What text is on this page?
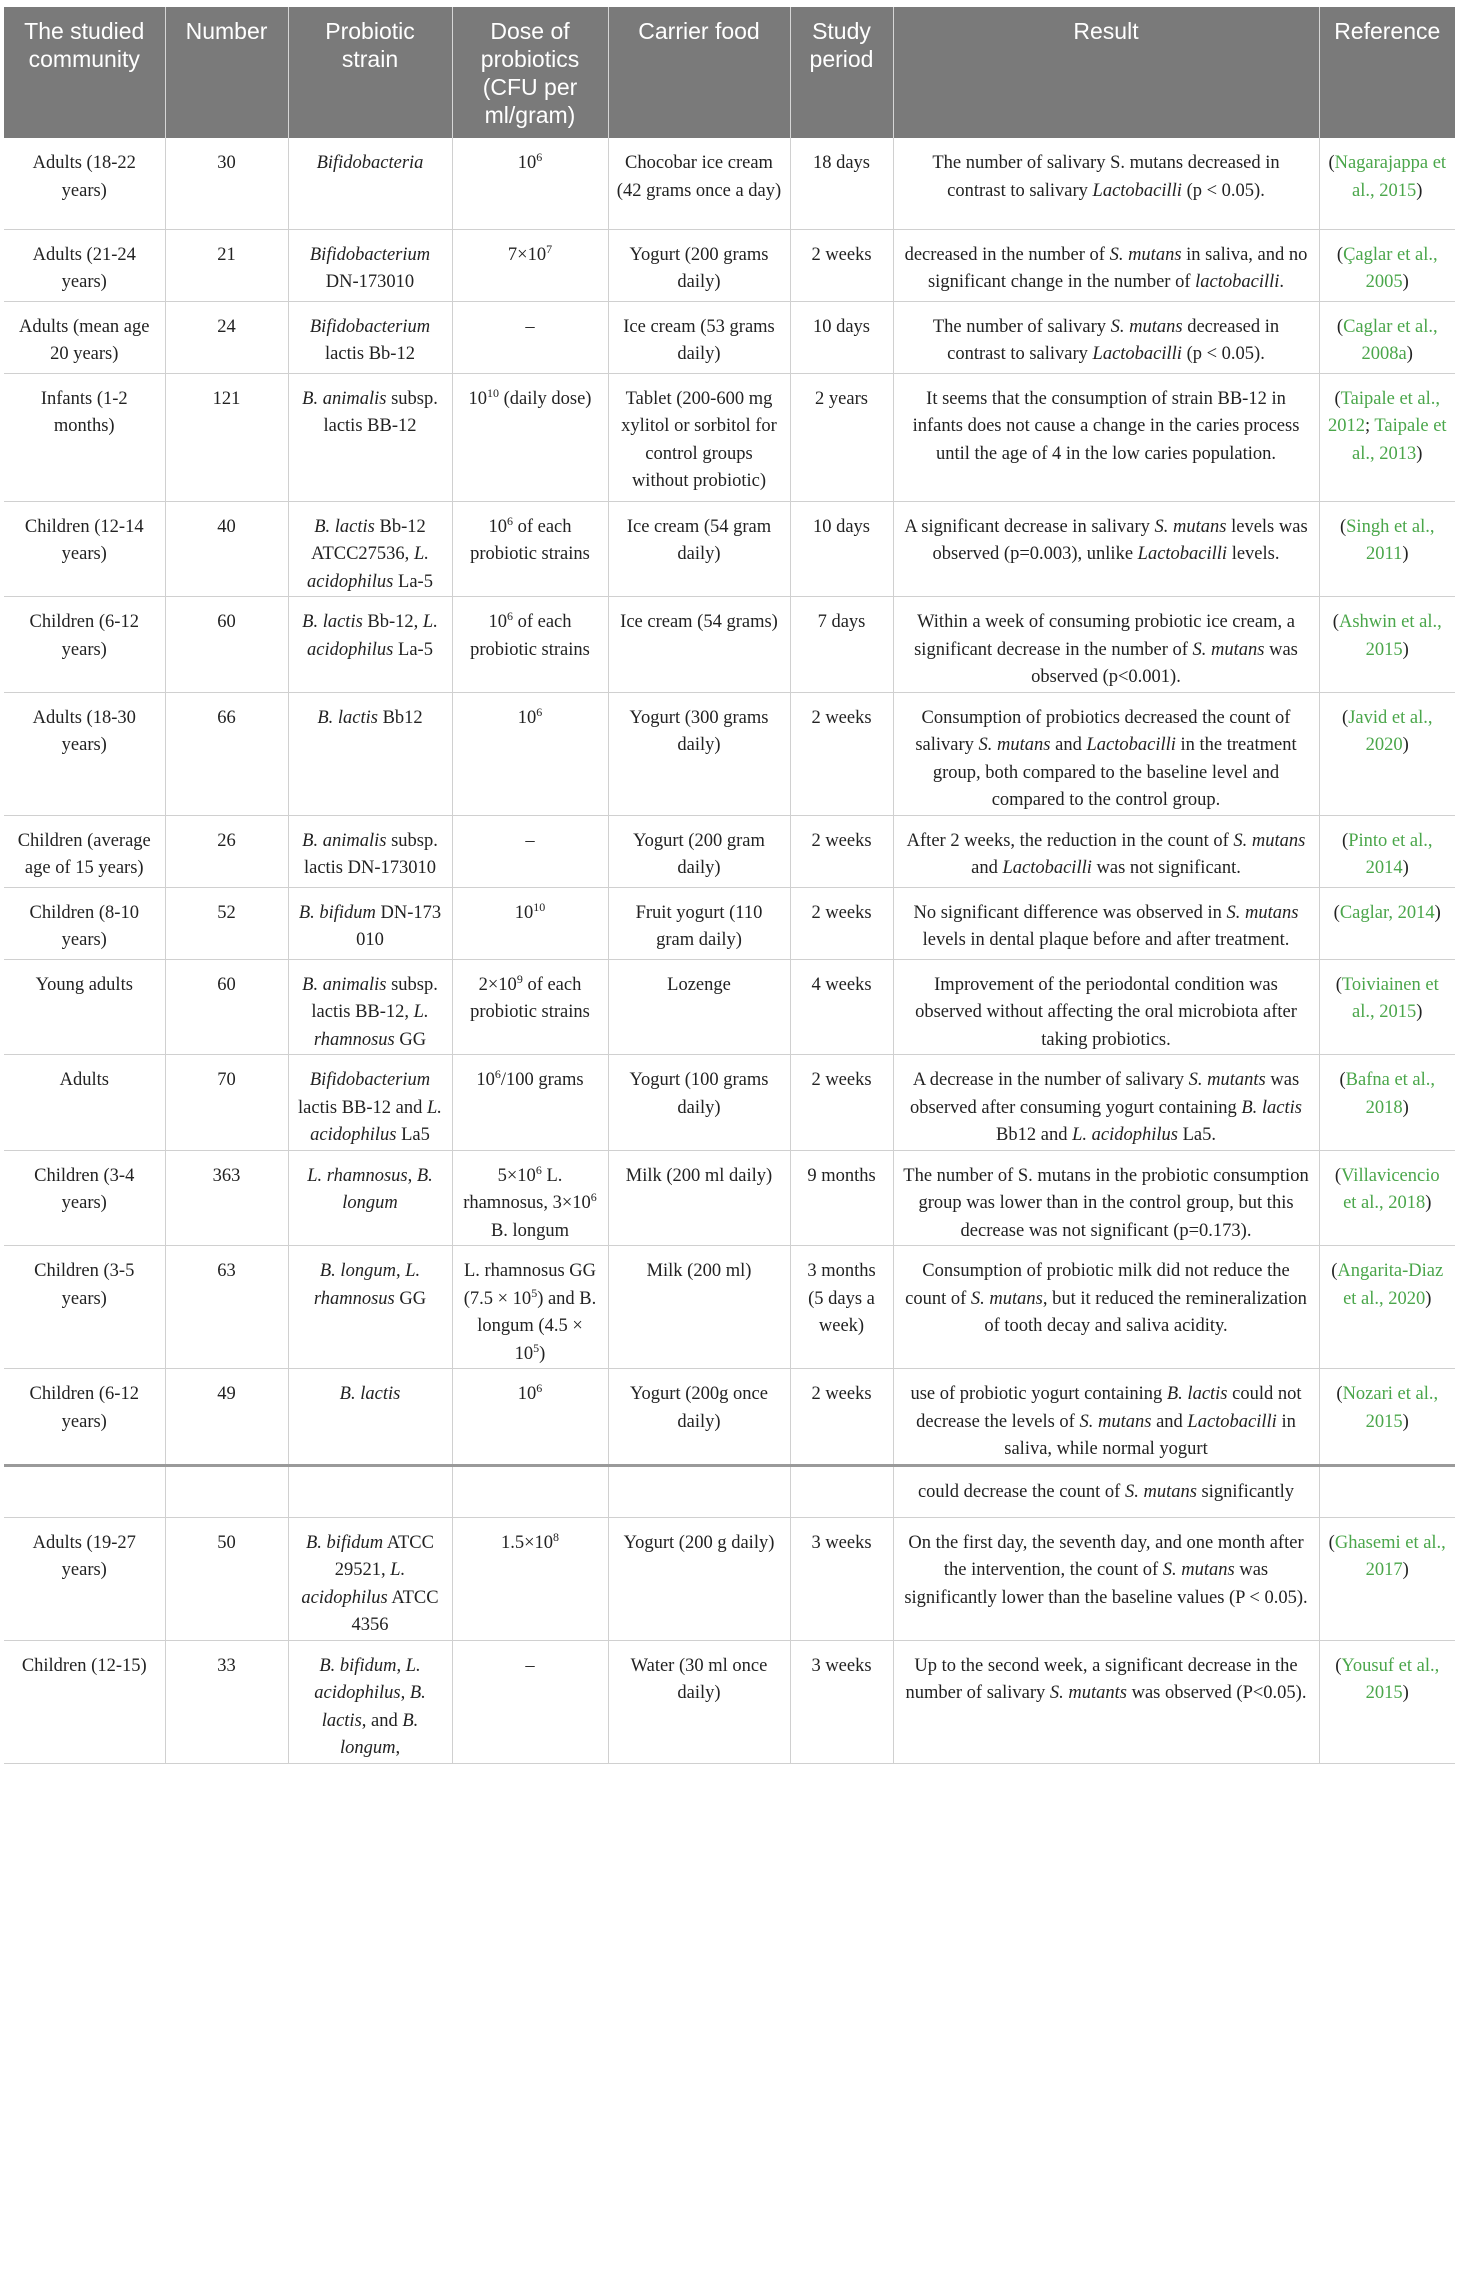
The studied community	Number	Probiotic strain	Dose of probiotics (CFU per ml/gram)	Carrier food	Study period	Result	Reference
Adults (18-22 years)	30	Bifidobacteria	$10^6$	Chocobar ice cream (42 grams once a day)	18 days	The number of salivary S. mutans decreased in contrast to salivary Lactobacilli (p < 0.05).	(Nagarajappa et al., 2015)
Adults (21-24 years)	21	Bifidobacterium DN-173010	$7\times 10^7$	Yogurt (200 grams daily)	2 weeks	decreased in the number of S. mutans in saliva, and no significant change in the number of lactobacilli.	(Çaglar et al., 2005)
Adults (mean age 20 years)	24	Bifidobacterium lactis Bb-12	–	Ice cream (53 grams daily)	10 days	The number of salivary S. mutans decreased in contrast to salivary Lactobacilli (p < 0.05).	(Caglar et al., 2008a)
Infants (1-2 months)	121	B. animalis subsp. lactis BB-12	$10^{10}$ (daily dose)	Tablet (200-600 mg xylitol or sorbitol for control groups without probiotic)	2 years	It seems that the consumption of strain BB-12 in infants does not cause a change in the caries process until the age of 4 in the low caries population.	(Taipale et al., 2012; Taipale et al., 2013)
Children (12-14 years)	40	B. lactis Bb-12 ATCC27536, L. acidophilus La-5	$10^6$ of each probiotic strains	Ice cream (54 gram daily)	10 days	A significant decrease in salivary S. mutans levels was observed (p=0.003), unlike Lactobacilli levels.	(Singh et al., 2011)
Children (6-12 years)	60	B. lactis Bb-12, L. acidophilus La-5	$10^6$ of each probiotic strains	Ice cream (54 grams)	7 days	Within a week of consuming probiotic ice cream, a significant decrease in the number of S. mutans was observed (p<0.001).	(Ashwin et al., 2015)
Adults (18-30 years)	66	B. lactis Bb12	$10^6$	Yogurt (300 grams daily)	2 weeks	Consumption of probiotics decreased the count of salivary S. mutans and Lactobacilli in the treatment group, both compared to the baseline level and compared to the control group.	(Javid et al., 2020)
Children (average age of 15 years)	26	B. animalis subsp. lactis DN-173010	–	Yogurt (200 gram daily)	2 weeks	After 2 weeks, the reduction in the count of S. mutans and Lactobacilli was not significant.	(Pinto et al., 2014)
Children (8-10 years)	52	B. bifidum DN-173 010	$10^{10}$	Fruit yogurt (110 gram daily)	2 weeks	No significant difference was observed in S. mutans levels in dental plaque before and after treatment.	(Caglar, 2014)
Young adults	60	B. animalis subsp. lactis BB-12, L. rhamnosus GG	$2\times 10^9$ of each probiotic strains	Lozenge	4 weeks	Improvement of the periodontal condition was observed without affecting the oral microbiota after taking probiotics.	(Toiviainen et al., 2015)
Adults	70	Bifidobacterium lactis BB-12 and L. acidophilus La5	$10^6/100$ grams	Yogurt (100 grams daily)	2 weeks	A decrease in the number of salivary S. mutants was observed after consuming yogurt containing B. lactis Bb12 and L. acidophilus La5.	(Bafna et al., 2018)
Children (3-4 years)	363	L. rhamnosus, B. longum	$5\times 10^6$ L. rhamnosus, $3\times 10^6$ B. longum	Milk (200 ml daily)	9 months	The number of S. mutans in the probiotic consumption group was lower than in the control group, but this decrease was not significant (p=0.173).	(Villavicencio et al., 2018)
Children (3-5 years)	63	B. longum, L. rhamnosus GG	L. rhamnosus GG $(7.5 \times 10^5)$ and B. longum $(4.5 \times 10^5)$	Milk (200 ml)	3 months (5 days a week)	Consumption of probiotic milk did not reduce the count of S. mutans, but it reduced the remineralization of tooth decay and saliva acidity.	(Angarita-Diaz et al., 2020)
Children (6-12 years)	49	B. lactis	$10^6$	Yogurt (200g once daily)	2 weeks	use of probiotic yogurt containing B. lactis could not decrease the levels of S. mutans and Lactobacilli in saliva, while normal yogurt	(Nozari et al., 2015)
						could decrease the count of S. mutans significantly	
Adults (19-27 years)	50	B. bifidum ATCC 29521, L. acidophilus ATCC 4356	$1.5\times 10^8$	Yogurt (200 g daily)	3 weeks	On the first day, the seventh day, and one month after the intervention, the count of S. mutans was significantly lower than the baseline values (P < 0.05).	(Ghasemi et al., 2017)
Children (12-15)	33	B. bifidum, L. acidophilus, B. lactis, and B. longum,	–	Water (30 ml once daily)	3 weeks	Up to the second week, a significant decrease in the number of salivary S. mutants was observed (P<0.05).	(Yousuf et al., 2015)
